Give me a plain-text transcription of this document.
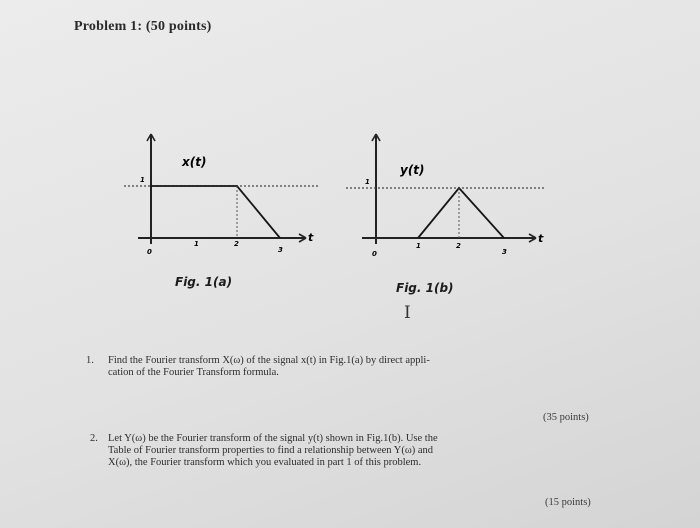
Problem 1: (50 points)
0
1	2
3
1
t
x(t)
Fig. 1(a)
0
1	2
3
1
t
y(t)
Fig. 1(b)
I
1. Find the Fourier transform X(ω) of the signal x(t) in Fig.1(a) by direct appli-
cation of the Fourier Transform formula.
(35 points)
2. Let Y(ω) be the Fourier transform of the signal y(t) shown in Fig.1(b). Use the
Table of Fourier transform properties to find a relationship between Y(ω) and
X(ω), the Fourier transform which you evaluated in part 1 of this problem.
(15 points)
